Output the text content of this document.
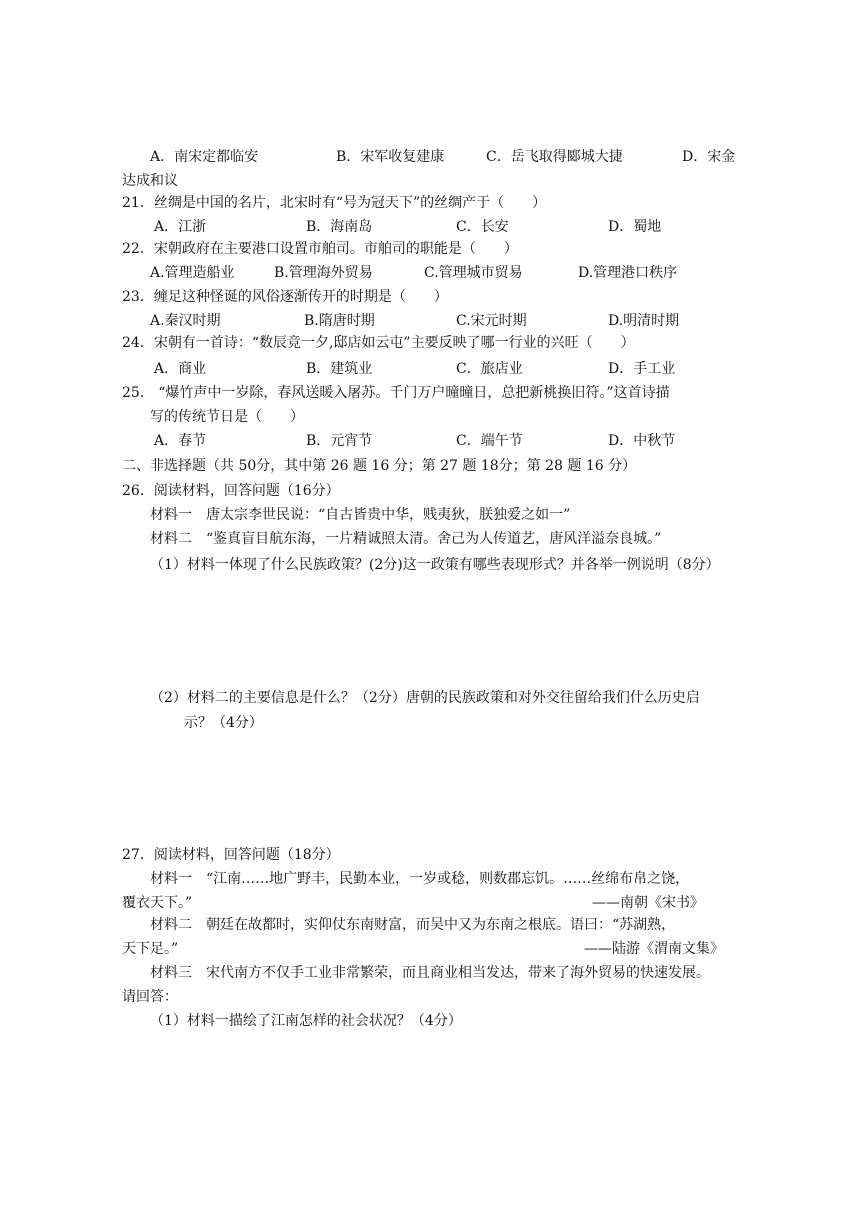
A．南宋定都临安	B．宋军收复建康	C．岳飞取得郾城大捷	D．宋金
达成和议
21．丝绸是中国的名片，北宋时有“号为冠天下”的丝绸产于（　　）
A．江浙	B．海南岛	C．长安	D．蜀地
22．宋朝政府在主要港口设置市舶司。市舶司的职能是（　　）
A.管理造船业	B.管理海外贸易	C.管理城市贸易	D.管理港口秩序
23．缠足这种怪诞的风俗逐渐传开的时期是（　　）
A.秦汉时期	B.隋唐时期	C.宋元时期	D.明清时期
24．宋朝有一首诗：“数辰竞一夕,邸店如云屯”主要反映了哪一行业的兴旺（　　）
A．商业	B．建筑业	C．旅店业	D．手工业
25． “爆竹声中一岁除，春风送暖入屠苏。千门万户曈曈日，总把新桃换旧符。”这首诗描
写的传统节日是（　　）
A．春节	B．元宵节	C．端午节	D．中秋节
二、非选择题（共 50分，其中第 26 题 16 分；第 27 题 18分；第 28 题 16 分）
26．阅读材料，回答问题（16分）
材料一　唐太宗李世民说：“自古皆贵中华，贱夷狄，朕独爱之如一”
材料二　“鉴真盲目航东海，一片精诚照太清。舍己为人传道艺，唐风洋溢奈良城。”
（1）材料一体现了什么民族政策？(2分)这一政策有哪些表现形式？并各举一例说明（8分）
（2）材料二的主要信息是什么？（2分）唐朝的民族政策和对外交往留给我们什么历史启
示？（4分）
27．阅读材料，回答问题（18分）
材料一　“江南……地广野丰，民勤本业，一岁或稔，则数郡忘饥。……丝绵布帛之饶，
覆衣天下。”	——南朝《宋书》
材料二　朝廷在故都时，实仰仗东南财富，而吴中又为东南之根底。语曰：“苏湖熟，
天下足。”	——陆游《渭南文集》
材料三　宋代南方不仅手工业非常繁荣，而且商业相当发达，带来了海外贸易的快速发展。
请回答：
（1）材料一描绘了江南怎样的社会状况？（4分）
